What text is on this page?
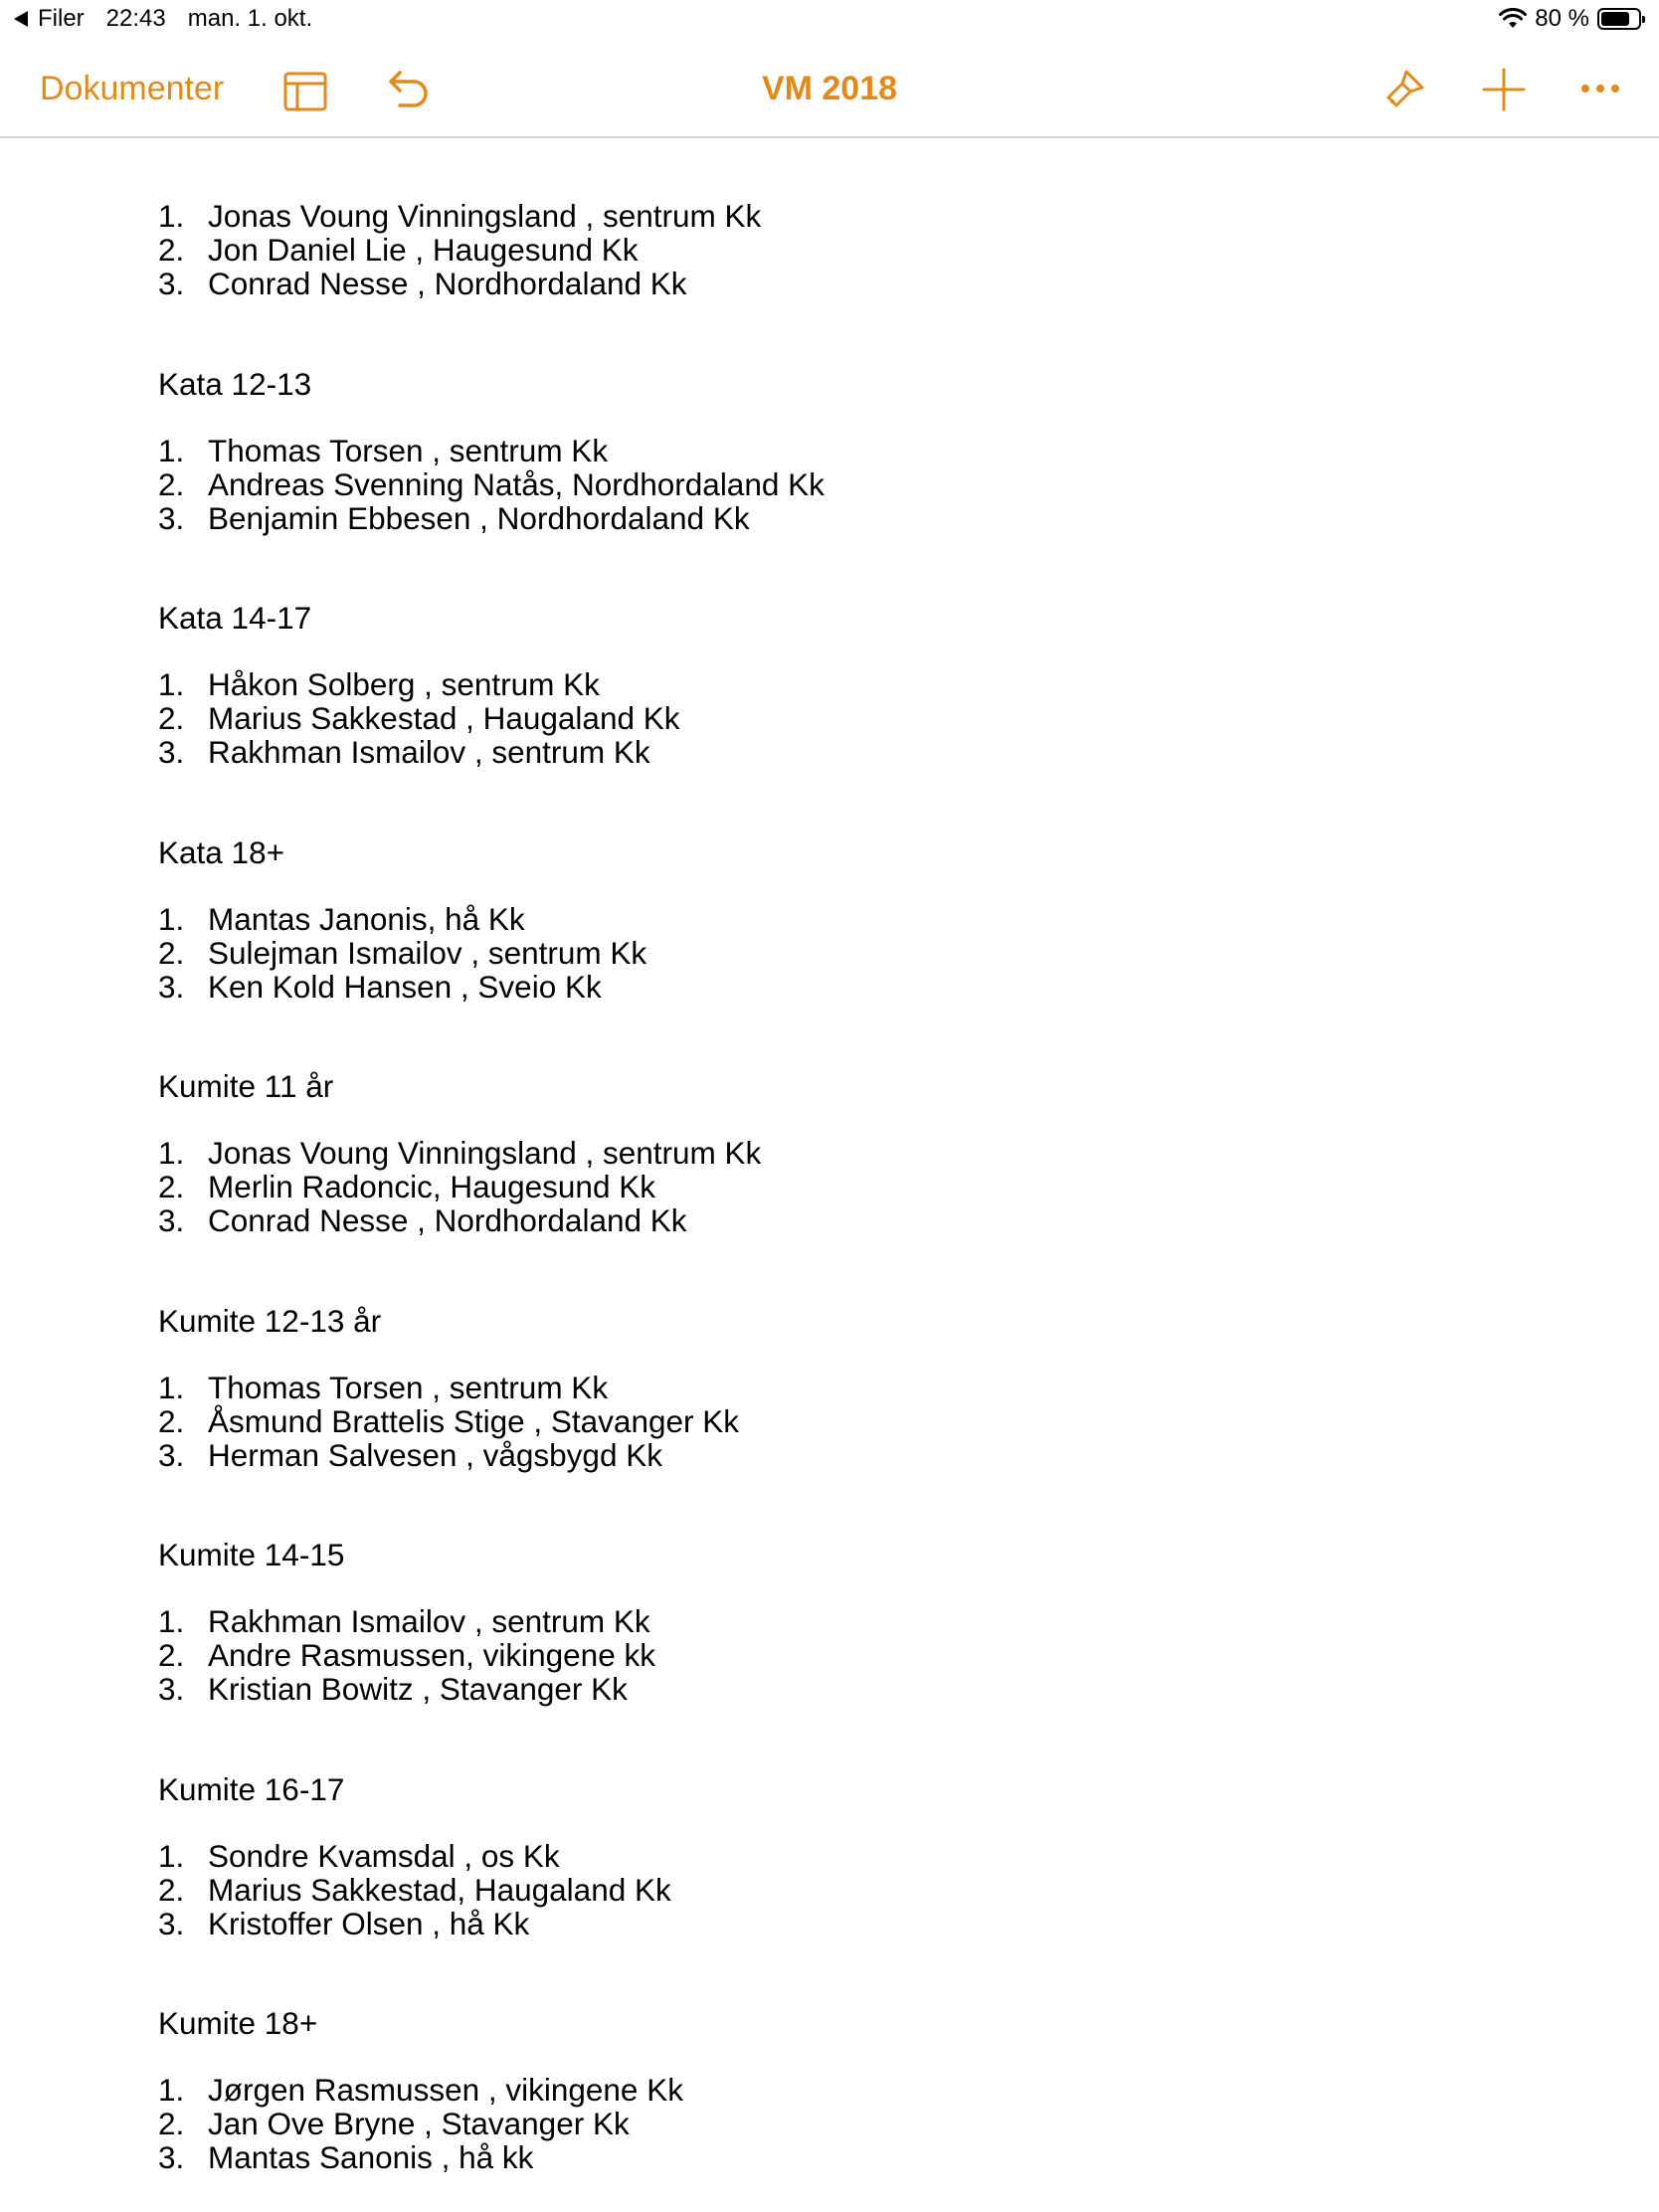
Filer 22:43 man. 1. okt.	80 %
Dokumenter	VM 2018
1. Jonas Voung Vinningsland , sentrum Kk
2. Jon Daniel Lie , Haugesund Kk
3. Conrad Nesse , Nordhordaland Kk
Kata 12-13
1. Thomas Torsen , sentrum Kk
2. Andreas Svenning Natås, Nordhordaland Kk
3. Benjamin Ebbesen , Nordhordaland Kk
Kata 14-17
1. Håkon Solberg , sentrum Kk
2. Marius Sakkestad , Haugaland Kk
3. Rakhman Ismailov , sentrum Kk
Kata 18+
1. Mantas Janonis, hå Kk
2. Sulejman Ismailov , sentrum Kk
3. Ken Kold Hansen , Sveio Kk
Kumite 11 år
1. Jonas Voung Vinningsland , sentrum Kk
2. Merlin Radoncic, Haugesund Kk
3. Conrad Nesse , Nordhordaland Kk
Kumite 12-13 år
1. Thomas Torsen , sentrum Kk
2. Åsmund Brattelis Stige , Stavanger Kk
3. Herman Salvesen , vågsbygd Kk
Kumite 14-15
1. Rakhman Ismailov , sentrum Kk
2. Andre Rasmussen, vikingene kk
3. Kristian Bowitz , Stavanger Kk
Kumite 16-17
1. Sondre Kvamsdal , os Kk
2. Marius Sakkestad, Haugaland Kk
3. Kristoffer Olsen , hå Kk
Kumite 18+
1. Jørgen Rasmussen , vikingene Kk
2. Jan Ove Bryne , Stavanger Kk
3. Mantas Sanonis , hå kk
